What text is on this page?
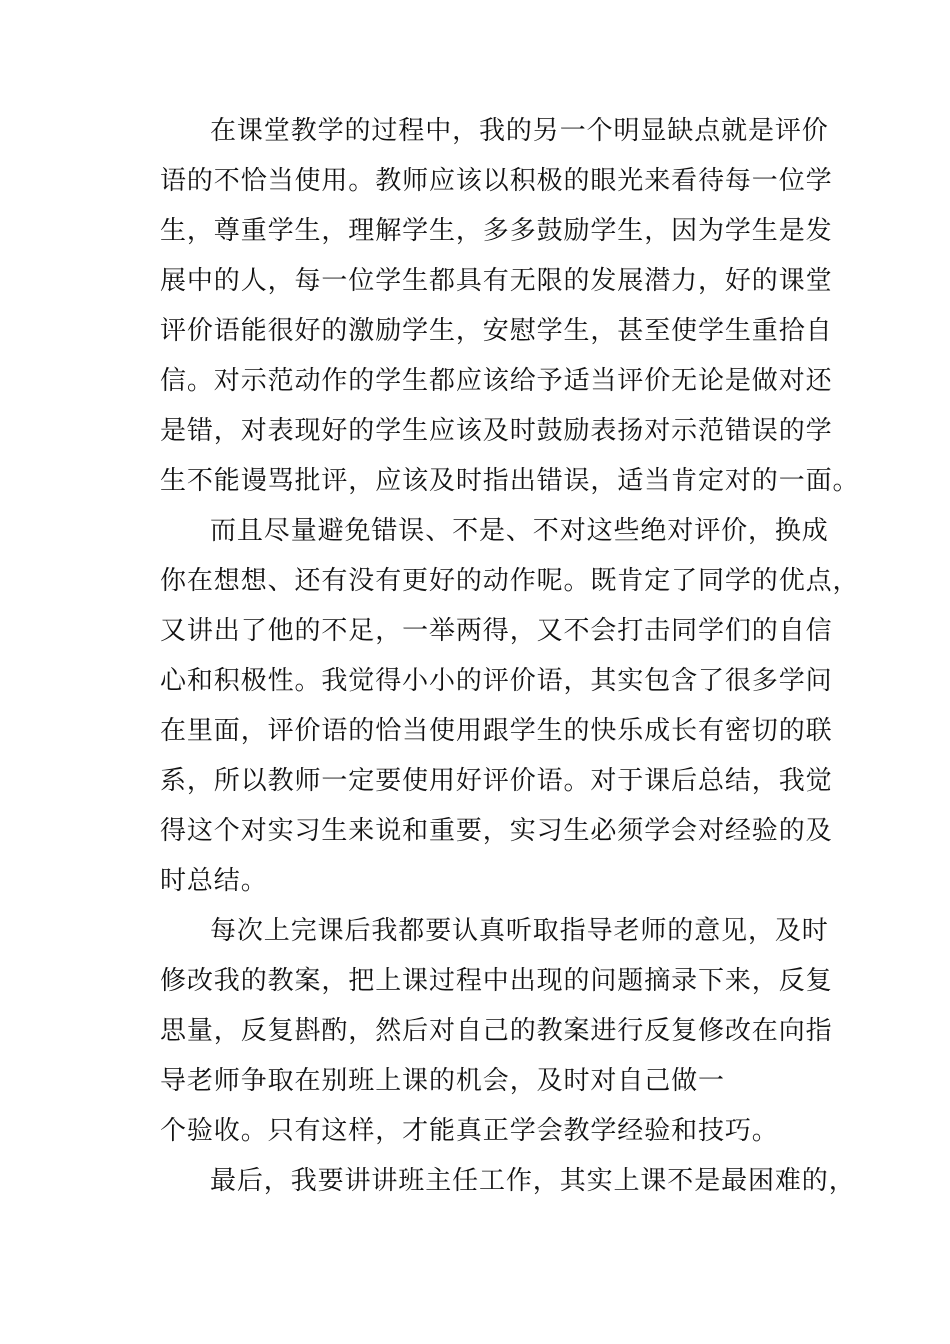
在课堂教学的过程中，我的另一个明显缺点就是评价
语的不恰当使用。教师应该以积极的眼光来看待每一位学
生，尊重学生，理解学生，多多鼓励学生，因为学生是发
展中的人，每一位学生都具有无限的发展潜力，好的课堂
评价语能很好的激励学生，安慰学生，甚至使学生重拾自
信。对示范动作的学生都应该给予适当评价无论是做对还
是错，对表现好的学生应该及时鼓励表扬对示范错误的学
生不能谩骂批评，应该及时指出错误，适当肯定对的一面。
而且尽量避免错误、不是、不对这些绝对评价，换成
你在想想、还有没有更好的动作呢。既肯定了同学的优点，
又讲出了他的不足，一举两得，又不会打击同学们的自信
心和积极性。我觉得小小的评价语，其实包含了很多学问
在里面，评价语的恰当使用跟学生的快乐成长有密切的联
系，所以教师一定要使用好评价语。对于课后总结，我觉
得这个对实习生来说和重要，实习生必须学会对经验的及
时总结。
每次上完课后我都要认真听取指导老师的意见，及时
修改我的教案，把上课过程中出现的问题摘录下来，反复
思量，反复斟酌，然后对自己的教案进行反复修改在向指
导老师争取在别班上课的机会，及时对自己做一
个验收。只有这样，才能真正学会教学经验和技巧。
最后，我要讲讲班主任工作，其实上课不是最困难的，
